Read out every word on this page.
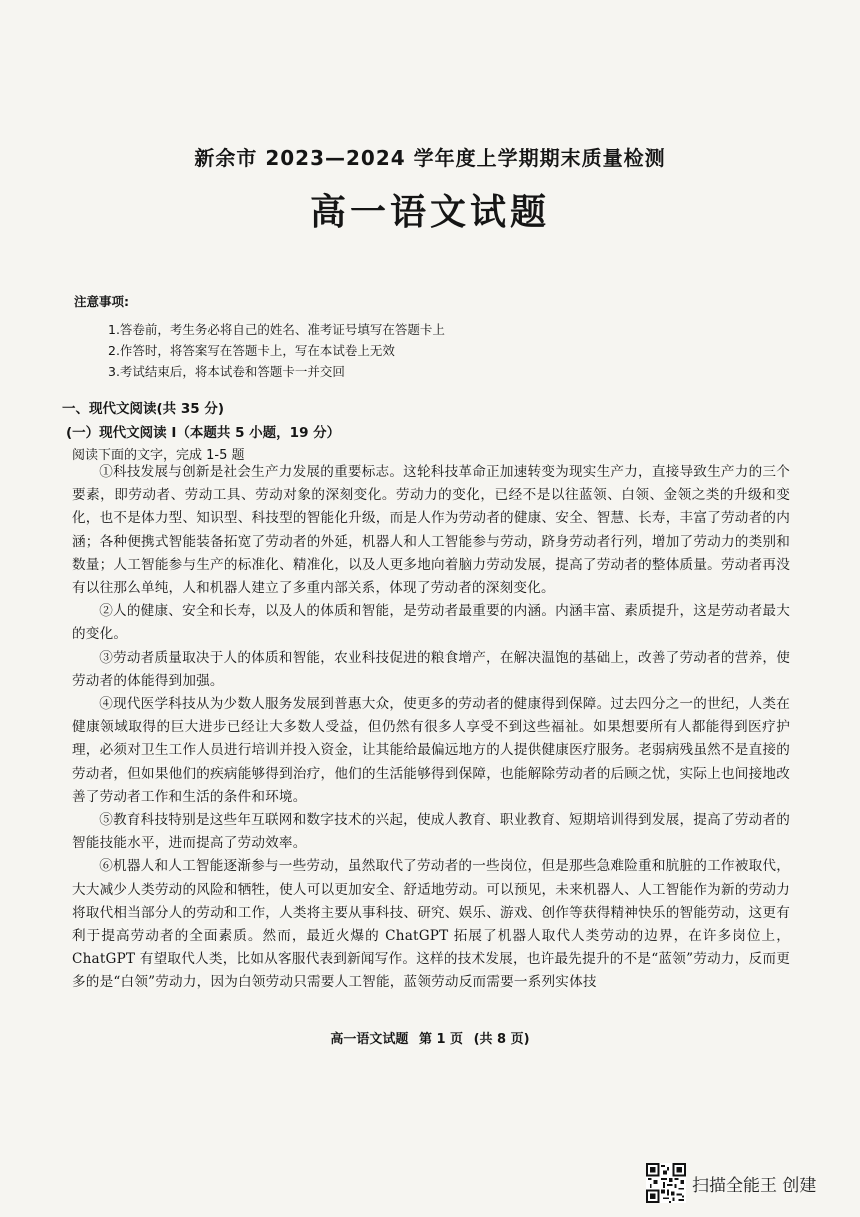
新余市 2023—2024 学年度上学期期末质量检测
高一语文试题
注意事项:
1.答卷前，考生务必将自己的姓名、准考证号填写在答题卡上
2.作答时，将答案写在答题卡上，写在本试卷上无效
3.考试结束后，将本试卷和答题卡一并交回
一、现代文阅读(共 35 分)
(一）现代文阅读 I（本题共 5 小题，19 分）
阅读下面的文字，完成 1-5 题

①科技发展与创新是社会生产力发展的重要标志。这轮科技革命正加速转变为现实生产力，直接导致生产力的三个要素，即劳动者、劳动工具、劳动对象的深刻变化。劳动力的变化，已经不是以往蓝领、白领、金领之类的升级和变化，也不是体力型、知识型、科技型的智能化升级，而是人作为劳动者的健康、安全、智慧、长寿，丰富了劳动者的内涵；各种便携式智能装备拓宽了劳动者的外延，机器人和人工智能参与劳动，跻身劳动者行列，增加了劳动力的类别和数量；人工智能参与生产的标准化、精准化，以及人更多地向着脑力劳动发展，提高了劳动者的整体质量。劳动者再没有以往那么单纯，人和机器人建立了多重内部关系，体现了劳动者的深刻变化。

②人的健康、安全和长寿，以及人的体质和智能，是劳动者最重要的内涵。内涵丰富、素质提升，这是劳动者最大的变化。

③劳动者质量取决于人的体质和智能，农业科技促进的粮食增产，在解决温饱的基础上，改善了劳动者的营养，使劳动者的体能得到加强。

④现代医学科技从为少数人服务发展到普惠大众，使更多的劳动者的健康得到保障。过去四分之一的世纪，人类在健康领域取得的巨大进步已经让大多数人受益，但仍然有很多人享受不到这些福祉。如果想要所有人都能得到医疗护理，必须对卫生工作人员进行培训并投入资金，让其能给最偏远地方的人提供健康医疗服务。老弱病残虽然不是直接的劳动者，但如果他们的疾病能够得到治疗，他们的生活能够得到保障，也能解除劳动者的后顾之忧，实际上也间接地改善了劳动者工作和生活的条件和环境。

⑤教育科技特别是这些年互联网和数字技术的兴起，使成人教育、职业教育、短期培训得到发展，提高了劳动者的智能技能水平，进而提高了劳动效率。

⑥机器人和人工智能逐渐参与一些劳动，虽然取代了劳动者的一些岗位，但是那些急难险重和肮脏的工作被取代，大大减少人类劳动的风险和牺牲，使人可以更加安全、舒适地劳动。可以预见，未来机器人、人工智能作为新的劳动力将取代相当部分人的劳动和工作，人类将主要从事科技、研究、娱乐、游戏、创作等获得精神快乐的智能劳动，这更有利于提高劳动者的全面素质。然而，最近火爆的 ChatGPT 拓展了机器人取代人类劳动的边界，在许多岗位上，ChatGPT 有望取代人类，比如从客服代表到新闻写作。这样的技术发展，也许最先提升的不是“蓝领”劳动力，反而更多的是“白领”劳动力，因为白领劳动只需要人工智能，蓝领劳动反而需要一系列实体技

高一语文试题 第 1 页 (共 8 页)
扫描全能王 创建
